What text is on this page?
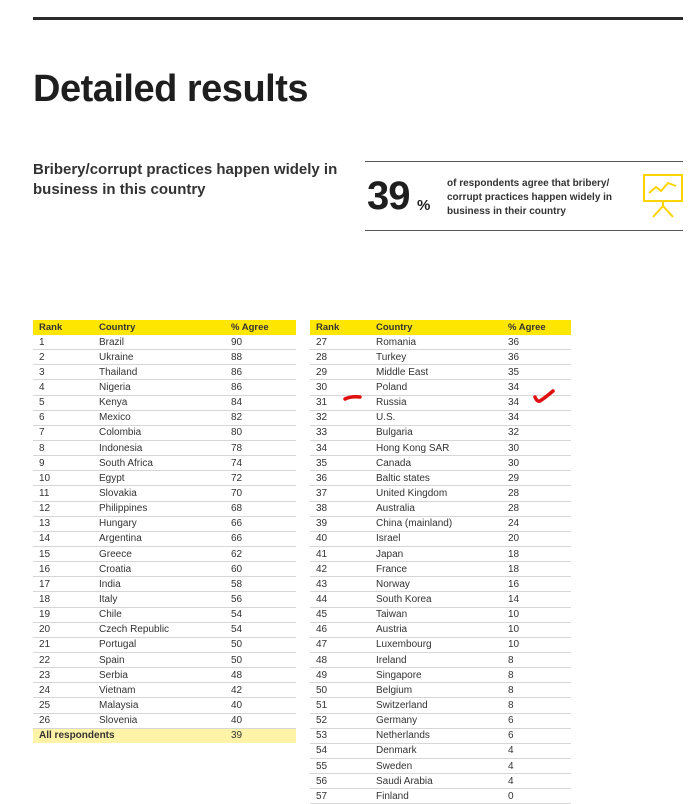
Detailed results
Bribery/corrupt practices happen widely in business in this country	39 %
of respondents agree that bribery/ corrupt practices happen widely in business in their country
Rank	Country	% Agree
1	Brazil	90
2	Ukraine	88
3	Thailand	86
4	Nigeria	86
5	Kenya	84
6	Mexico	82
7	Colombia	80
8	Indonesia	78
9	South Africa	74
10	Egypt	72
11	Slovakia	70
12	Philippines	68
13	Hungary	66
14	Argentina	66
15	Greece	62
16	Croatia	60
17	India	58
18	Italy	56
19	Chile	54
20	Czech Republic	54
21	Portugal	50
22	Spain	50
23	Serbia	48
24	Vietnam	42
25	Malaysia	40
26	Slovenia	40
All respondents		39
Rank	Country	% Agree
27	Romania	36
28	Turkey	36
29	Middle East	35
30	Poland	34
31	Russia	34
32	U.S.	34
33	Bulgaria	32
34	Hong Kong SAR	30
35	Canada	30
36	Baltic states	29
37	United Kingdom	28
38	Australia	28
39	China (mainland)	24
40	Israel	20
41	Japan	18
42	France	18
43	Norway	16
44	South Korea	14
45	Taiwan	10
46	Austria	10
47	Luxembourg	10
48	Ireland	8
49	Singapore	8
50	Belgium	8
51	Switzerland	8
52	Germany	6
53	Netherlands	6
54	Denmark	4
55	Sweden	4
56	Saudi Arabia	4
57	Finland	0
